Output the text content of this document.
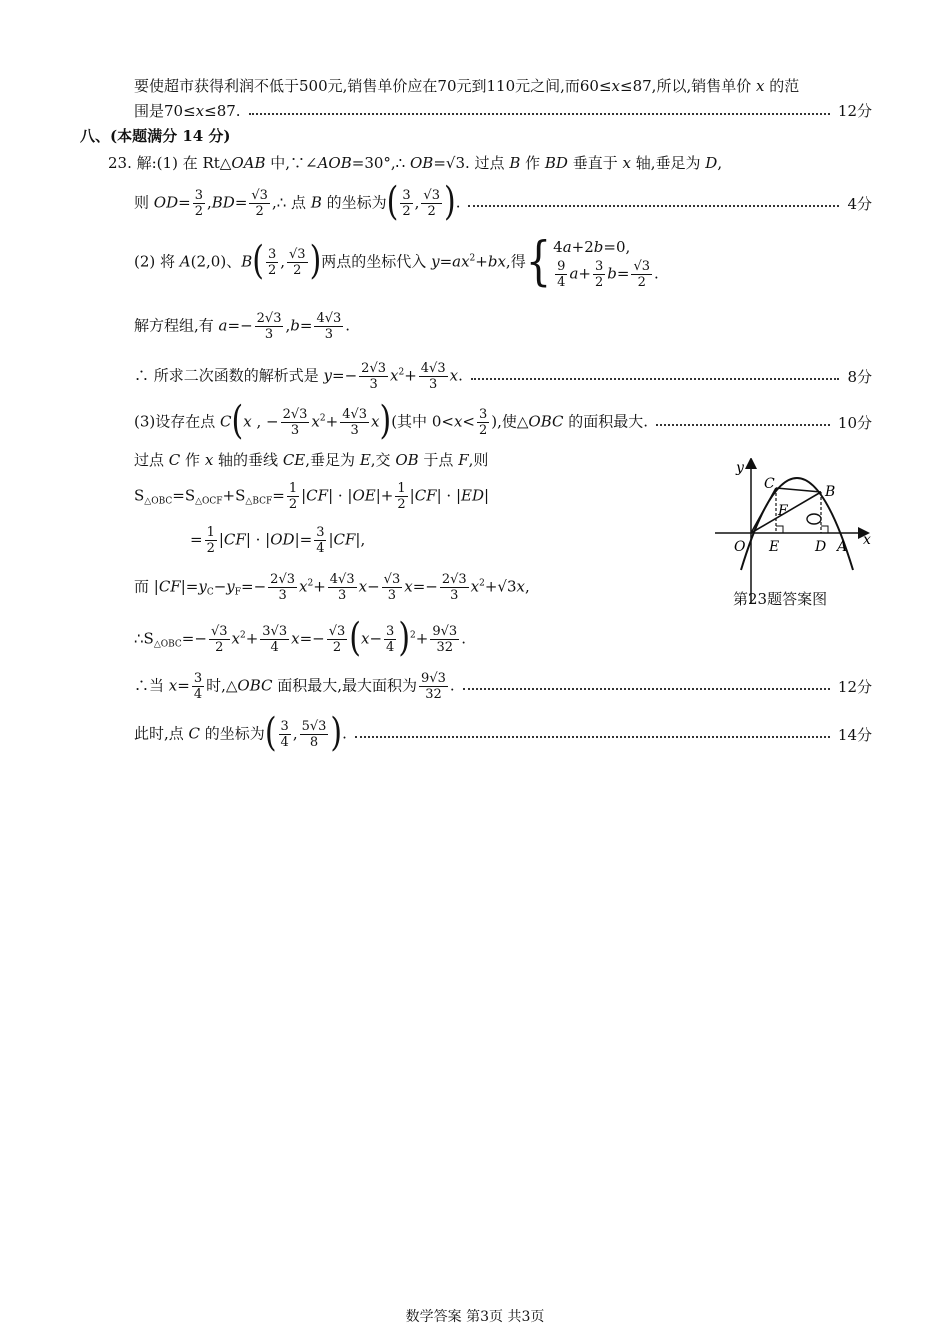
要使超市获得利润不低于500元,销售单价应在70元到110元之间,而60≤x≤87,所以,销售单价 x 的范
围是70≤x≤87.	12分
八、(本题满分 14 分)
23. 解:(1) 在 Rt△OAB 中,∵∠AOB=30°,∴ OB=√3. 过点 B 作 BD 垂直于 x 轴,垂足为 D,
则 $OD= \frac{3}{2} ,BD= \frac{√3}{2}$ ,∴ 点 B 的坐标为( $\frac{3}{2}$ , $\frac{√3}{2}$ ).	4分
(2) 将 A(2,0)、$B( \frac{3}{2}$ , $\frac{√3}{2}$ )两点的坐标代入 $y=ax^2+bx$,得 { 4a+2b=0,
$\frac{9}{4} a+ \frac{3}{2} b= \frac{√3}{2}$ .
解方程组,有 $a=- \frac{2√3}{3} ,b= \frac{4√3}{3}$ .
∴ 所求二次函数的解析式是 $y=- \frac{2√3}{3} x^2+ \frac{4√3}{3} x$.	8分
(3)设存在点 C(x , − $\frac{2√3}{3} x^2+ \frac{4√3}{3} x$)(其中 $0<x< \frac{3}{2}$ ),使△OBC 的面积最大.	10分
过点 C 作 x 轴的垂线 CE,垂足为 E,交 OB 于点 F,则
$S_{\triangle OBC}=S_{\triangle OCF}+S_{\triangle BCF}= \frac{1}{2} |CF| \cdot |OE|+ \frac{1}{2} |CF| \cdot |ED|$
= $\frac{1}{2} |CF| \cdot |OD|= \frac{3}{4} |CF|$,
而 $|CF|=y_C-y_F=- \frac{2√3}{3} x^2+ \frac{4√3}{3} x- \frac{√3}{3} x=- \frac{2√3}{3} x^2+√3x$,
$\therefore S_{\triangle OBC}=- \frac{√3}{2} x^2+ \frac{3√3}{4} x=- \frac{√3}{2} (x- \frac{3}{4} )^2+ \frac{9√3}{32}$ .
∴当 $x= \frac{3}{4}$ 时,△OBC 面积最大,最大面积为 $\frac{9√3}{32}$ .	12分
此时,点 C 的坐标为( $\frac{3}{4}$ , $\frac{5√3}{8}$ ).	14分
y
x
O
C	B
F
E	D A
第23题答案图
数学答案 第3页 共3页
